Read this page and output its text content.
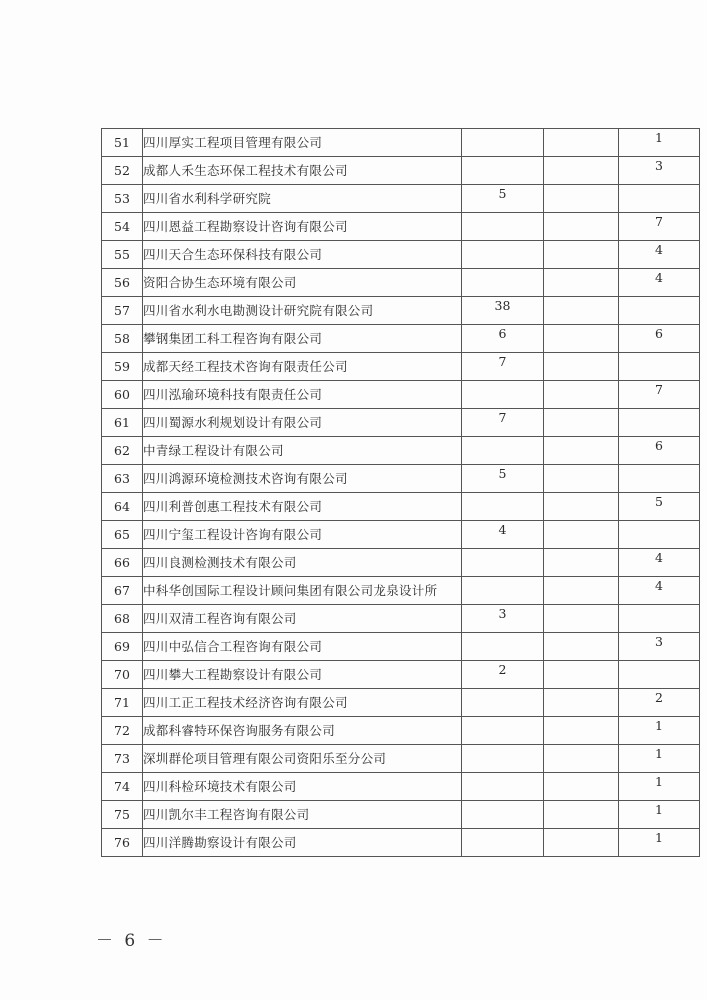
51	四川厚实工程项目管理有限公司			1
52	成都人禾生态环保工程技术有限公司			3
53	四川省水利科学研究院	5		
54	四川恩益工程勘察设计咨询有限公司			7
55	四川天合生态环保科技有限公司			4
56	资阳合协生态环境有限公司			4
57	四川省水利水电勘测设计研究院有限公司	38		
58	攀钢集团工科工程咨询有限公司	6		6
59	成都天经工程技术咨询有限责任公司	7		
60	四川泓瑜环境科技有限责任公司			7
61	四川蜀源水利规划设计有限公司	7		
62	中青绿工程设计有限公司			6
63	四川鸿源环境检测技术咨询有限公司	5		
64	四川利普创惠工程技术有限公司			5
65	四川宁玺工程设计咨询有限公司	4		
66	四川良测检测技术有限公司			4
67	中科华创国际工程设计顾问集团有限公司龙泉设计所			4
68	四川双清工程咨询有限公司	3		
69	四川中弘信合工程咨询有限公司			3
70	四川攀大工程勘察设计有限公司	2		
71	四川工正工程技术经济咨询有限公司			2
72	成都科睿特环保咨询服务有限公司			1
73	深圳群伦项目管理有限公司资阳乐至分公司			1
74	四川科检环境技术有限公司			1
75	四川凯尔丰工程咨询有限公司			1
76	四川洋腾勘察设计有限公司			1
－ 6 －
